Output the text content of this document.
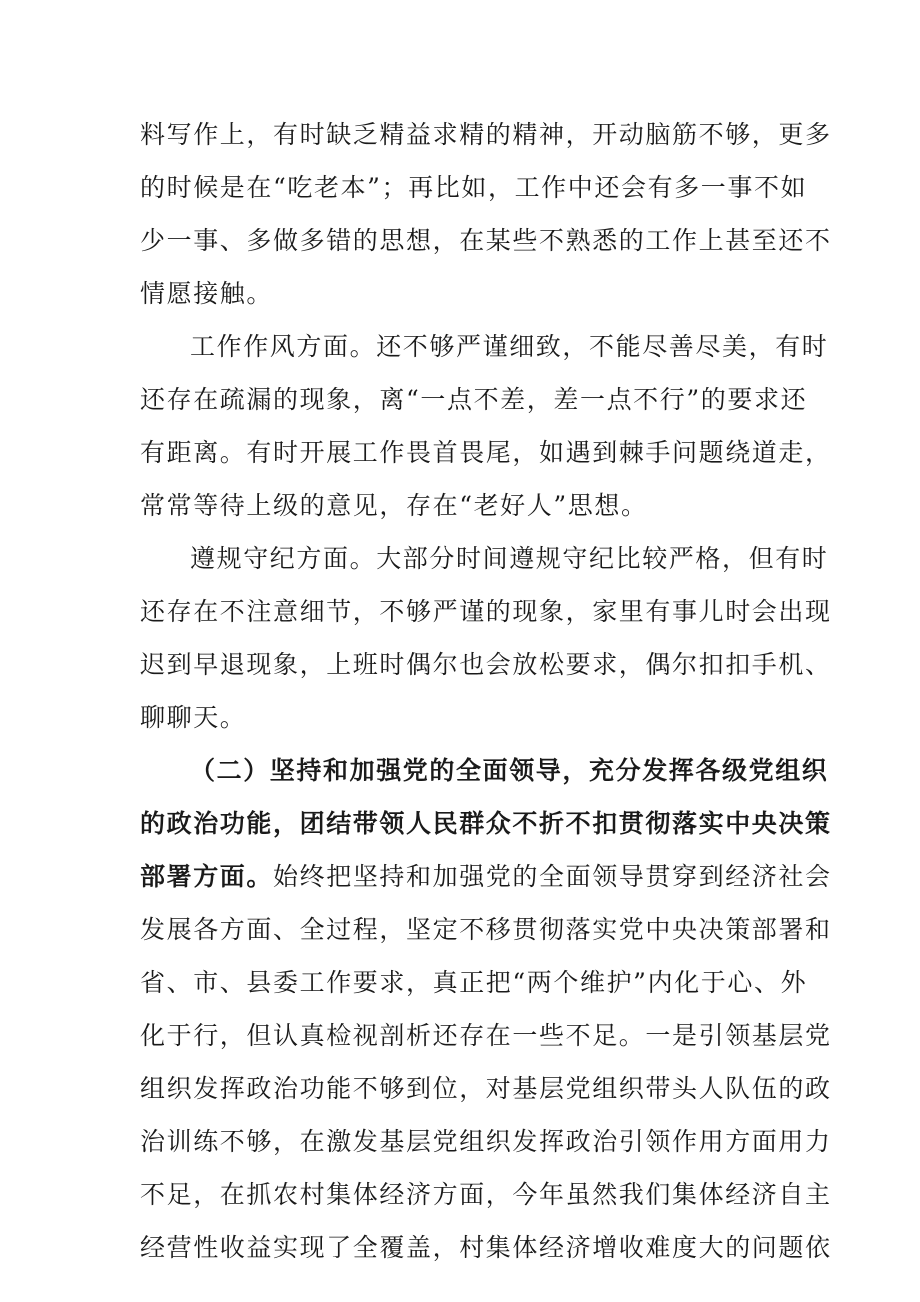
料写作上，有时缺乏精益求精的精神，开动脑筋不够，更多
的时候是在“吃老本”；再比如，工作中还会有多一事不如
少一事、多做多错的思想，在某些不熟悉的工作上甚至还不
情愿接触。
工作作风方面。还不够严谨细致，不能尽善尽美，有时
还存在疏漏的现象，离“一点不差，差一点不行”的要求还
有距离。有时开展工作畏首畏尾，如遇到棘手问题绕道走，
常常等待上级的意见，存在“老好人”思想。
遵规守纪方面。大部分时间遵规守纪比较严格，但有时
还存在不注意细节，不够严谨的现象，家里有事儿时会出现
迟到早退现象，上班时偶尔也会放松要求，偶尔扣扣手机、
聊聊天。
（二）坚持和加强党的全面领导，充分发挥各级党组织
的政治功能，团结带领人民群众不折不扣贯彻落实中央决策
部署方面。始终把坚持和加强党的全面领导贯穿到经济社会
发展各方面、全过程，坚定不移贯彻落实党中央决策部署和
省、市、县委工作要求，真正把“两个维护”内化于心、外
化于行，但认真检视剖析还存在一些不足。一是引领基层党
组织发挥政治功能不够到位，对基层党组织带头人队伍的政
治训练不够，在激发基层党组织发挥政治引领作用方面用力
不足，在抓农村集体经济方面，今年虽然我们集体经济自主
经营性收益实现了全覆盖，村集体经济增收难度大的问题依
